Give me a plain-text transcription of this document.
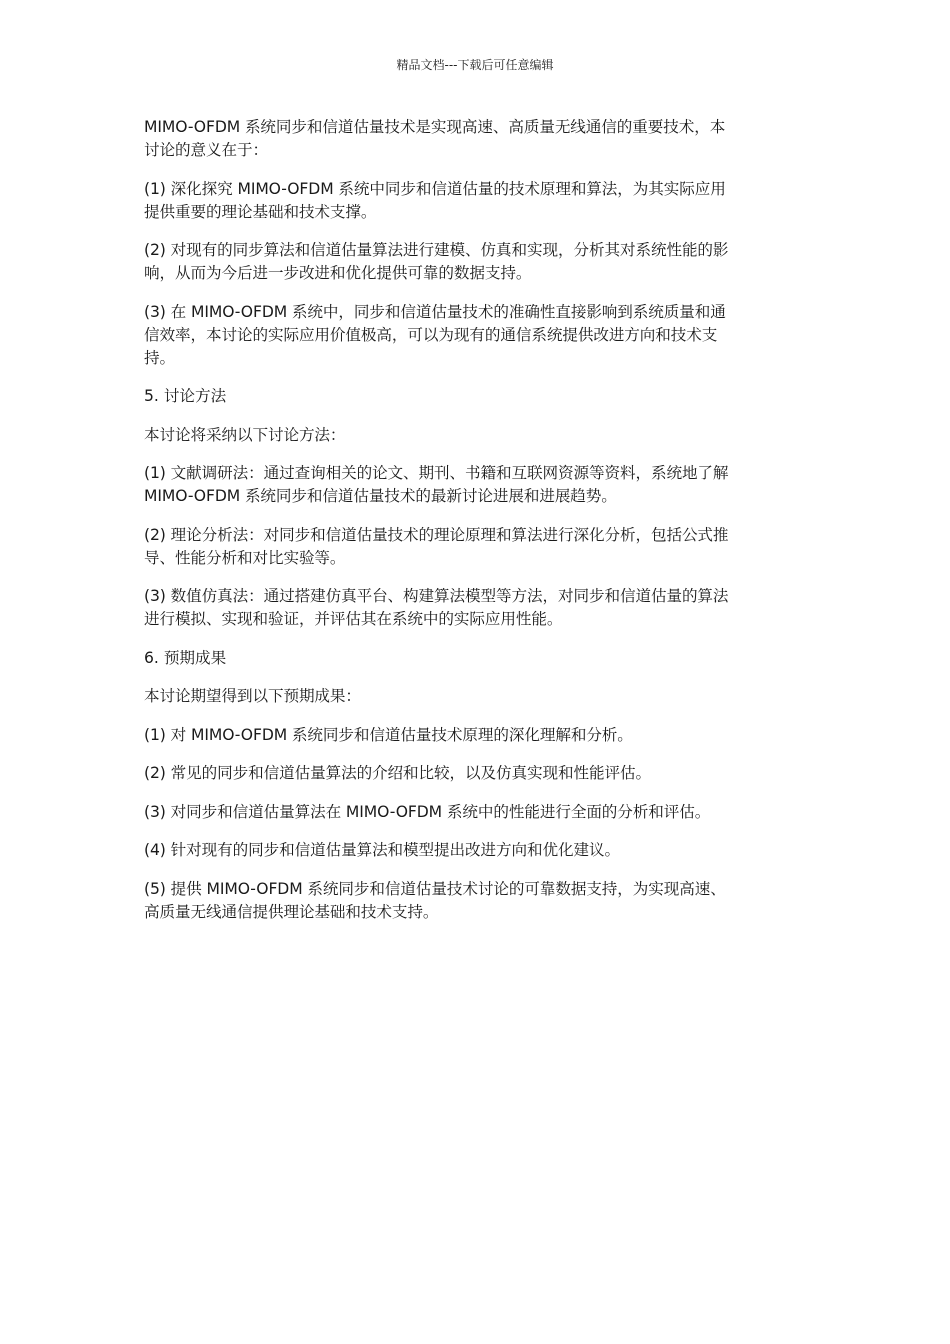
精品文档---下载后可任意编辑

MIMO-OFDM 系统同步和信道估量技术是实现高速、高质量无线通信的重要技术，本
讨论的意义在于：

(1) 深化探究 MIMO-OFDM 系统中同步和信道估量的技术原理和算法，为其实际应用
提供重要的理论基础和技术支撑。

(2) 对现有的同步算法和信道估量算法进行建模、仿真和实现，分析其对系统性能的影
响，从而为今后进一步改进和优化提供可靠的数据支持。

(3) 在 MIMO-OFDM 系统中，同步和信道估量技术的准确性直接影响到系统质量和通
信效率，本讨论的实际应用价值极高，可以为现有的通信系统提供改进方向和技术支
持。

5. 讨论方法

本讨论将采纳以下讨论方法：

(1) 文献调研法：通过查询相关的论文、期刊、书籍和互联网资源等资料，系统地了解
MIMO-OFDM 系统同步和信道估量技术的最新讨论进展和进展趋势。

(2) 理论分析法：对同步和信道估量技术的理论原理和算法进行深化分析，包括公式推
导、性能分析和对比实验等。

(3) 数值仿真法：通过搭建仿真平台、构建算法模型等方法，对同步和信道估量的算法
进行模拟、实现和验证，并评估其在系统中的实际应用性能。

6. 预期成果

本讨论期望得到以下预期成果：

(1) 对 MIMO-OFDM 系统同步和信道估量技术原理的深化理解和分析。

(2) 常见的同步和信道估量算法的介绍和比较，以及仿真实现和性能评估。

(3) 对同步和信道估量算法在 MIMO-OFDM 系统中的性能进行全面的分析和评估。

(4) 针对现有的同步和信道估量算法和模型提出改进方向和优化建议。

(5) 提供 MIMO-OFDM 系统同步和信道估量技术讨论的可靠数据支持，为实现高速、
高质量无线通信提供理论基础和技术支持。
